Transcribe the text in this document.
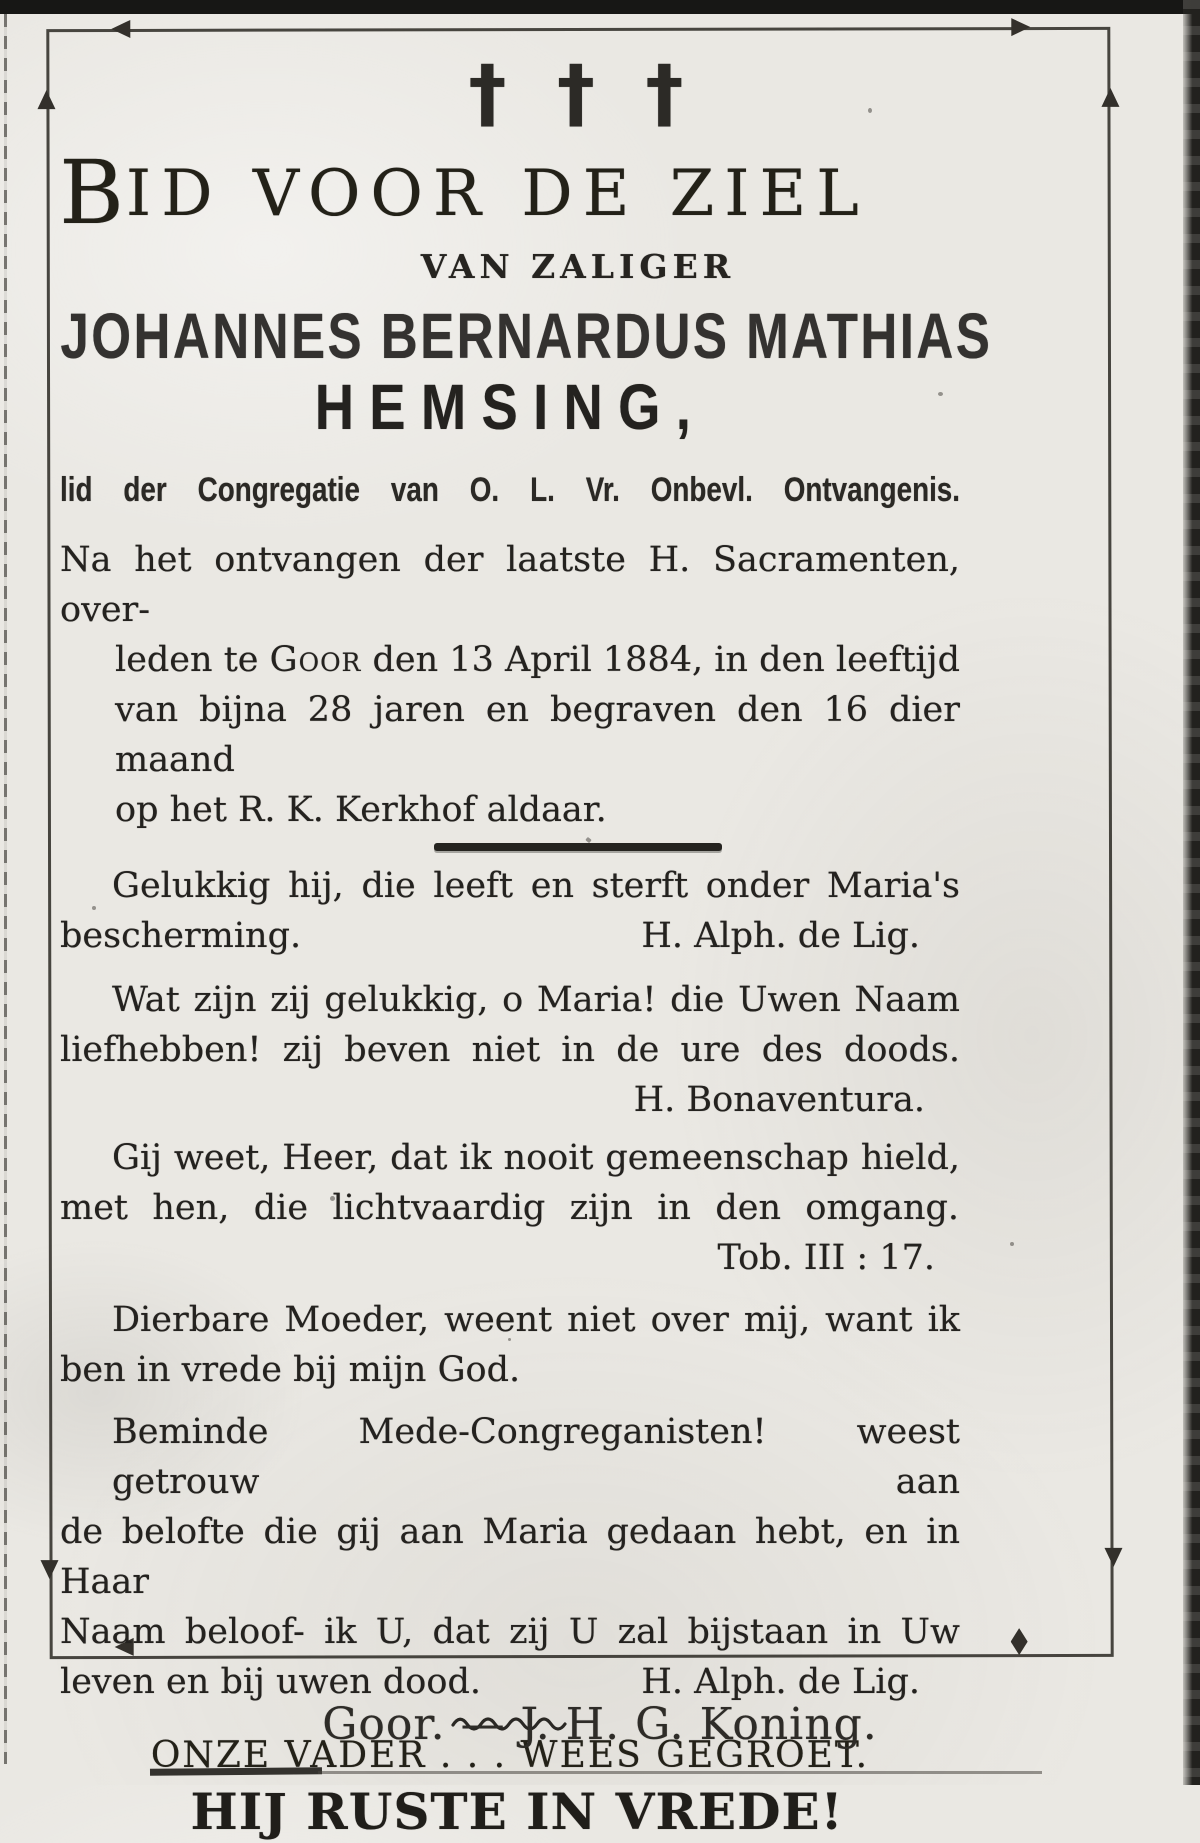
† † †
BID VOOR DE ZIEL
VAN ZALIGER
JOHANNES BERNARDUS MATHIAS
HEMSING,
lid der Congregatie van O. L. Vr. Onbevl. Ontvangenis.
Na het ontvangen der laatste H. Sacramenten, over-
leden te Goor den 13 April 1884, in den leeftijd
van bijna 28 jaren en begraven den 16 dier maand
op het R. K. Kerkhof aldaar.
Gelukkig hij, die leeft en sterft onder Maria's
bescherming.	H. Alph. de Lig.
Wat zijn zij gelukkig, o Maria! die Uwen Naam
liefhebben! zij beven niet in de ure des doods.
H. Bonaventura.
Gij weet, Heer, dat ik nooit gemeenschap hield,
met hen, die lichtvaardig zijn in den omgang.
Tob. III : 17.
Dierbare Moeder, weent niet over mij, want ik
ben in vrede bij mijn God.
Beminde Mede-Congreganisten! weest getrouw aan
de belofte die gij aan Maria gedaan hebt, en in Haar
Naam beloof- ik U, dat zij U zal bijstaan in Uw
leven en bij uwen dood.	H. Alph. de Lig.
ONZE VADER . . . WEES GEGROET.
HIJ RUSTE IN VREDE!
Goor. — J. H. G. Koning.
